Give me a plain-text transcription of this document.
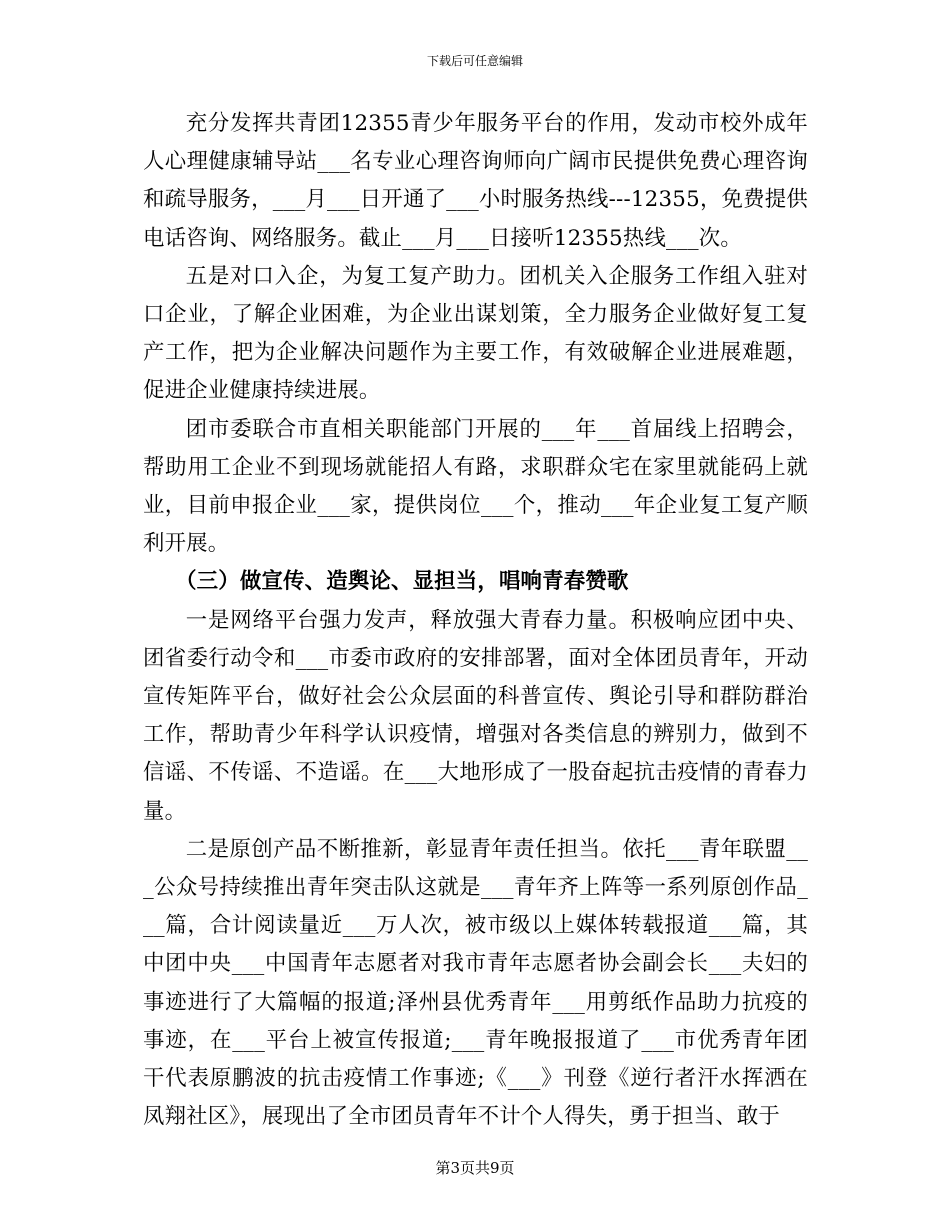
下载后可任意编辑

充分发挥共青团12355青少年服务平台的作用，发动市校外成年人心理健康辅导站___名专业心理咨询师向广阔市民提供免费心理咨询和疏导服务，___月___日开通了___小时服务热线---12355，免费提供电话咨询、网络服务。截止___月___日接听12355热线___次。

五是对口入企，为复工复产助力。团机关入企服务工作组入驻对口企业，了解企业困难，为企业出谋划策，全力服务企业做好复工复产工作，把为企业解决问题作为主要工作，有效破解企业进展难题，促进企业健康持续进展。

团市委联合市直相关职能部门开展的___年___首届线上招聘会，帮助用工企业不到现场就能招人有路，求职群众宅在家里就能码上就业，目前申报企业___家，提供岗位___个，推动___年企业复工复产顺利开展。

（三）做宣传、造舆论、显担当，唱响青春赞歌

一是网络平台强力发声，释放强大青春力量。积极响应团中央、团省委行动令和___市委市政府的安排部署，面对全体团员青年，开动宣传矩阵平台，做好社会公众层面的科普宣传、舆论引导和群防群治工作，帮助青少年科学认识疫情，增强对各类信息的辨别力，做到不信谣、不传谣、不造谣。在___大地形成了一股奋起抗击疫情的青春力量。

二是原创产品不断推新，彰显青年责任担当。依托___青年联盟___公众号持续推出青年突击队这就是___青年齐上阵等一系列原创作品___篇，合计阅读量近___万人次，被市级以上媒体转载报道___篇，其中团中央___中国青年志愿者对我市青年志愿者协会副会长___夫妇的事迹进行了大篇幅的报道;泽州县优秀青年___用剪纸作品助力抗疫的事迹，在___平台上被宣传报道;___青年晚报报道了___市优秀青年团干代表原鹏波的抗击疫情工作事迹;《___》刊登《逆行者汗水挥洒在凤翔社区》，展现出了全市团员青年不计个人得失，勇于担当、敢于

第3页共9页
